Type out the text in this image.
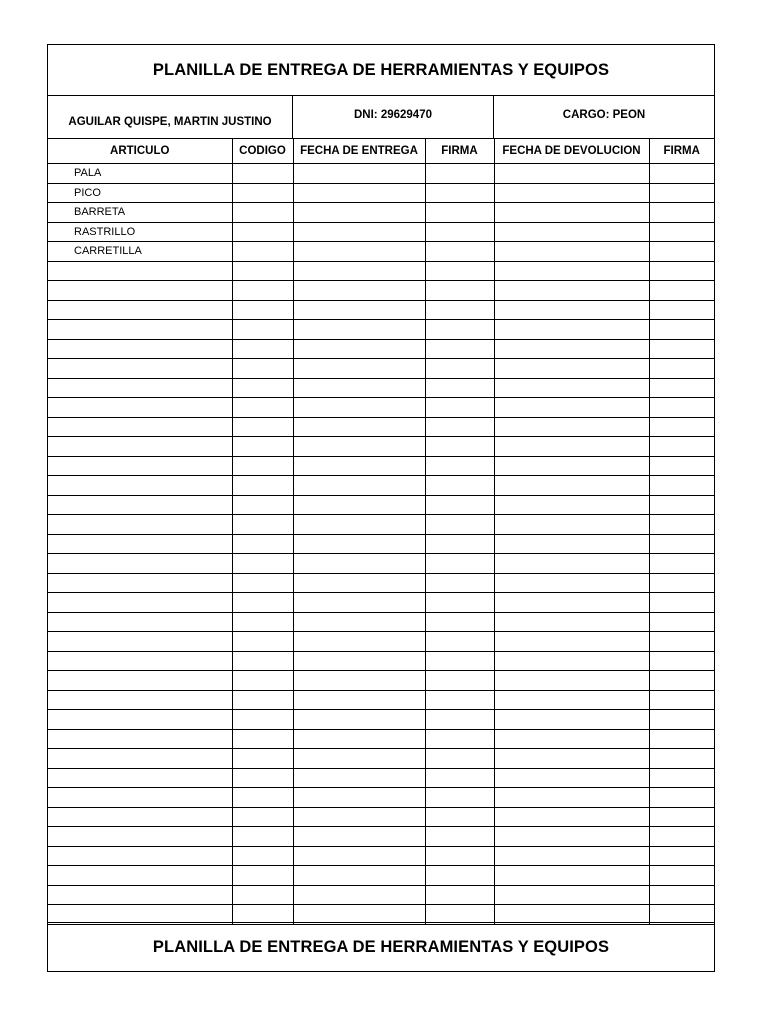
PLANILLA DE ENTREGA DE HERRAMIENTAS Y EQUIPOS
AGUILAR QUISPE, MARTIN JUSTINO
DNI: 29629470	CARGO: PEON
ARTICULO	CODIGO	FECHA DE ENTREGA	FIRMA	FECHA DE DEVOLUCION	FIRMA
PALA					
PICO					
BARRETA					
RASTRILLO					
CARRETILLA					

PLANILLA DE ENTREGA DE HERRAMIENTAS Y EQUIPOS
